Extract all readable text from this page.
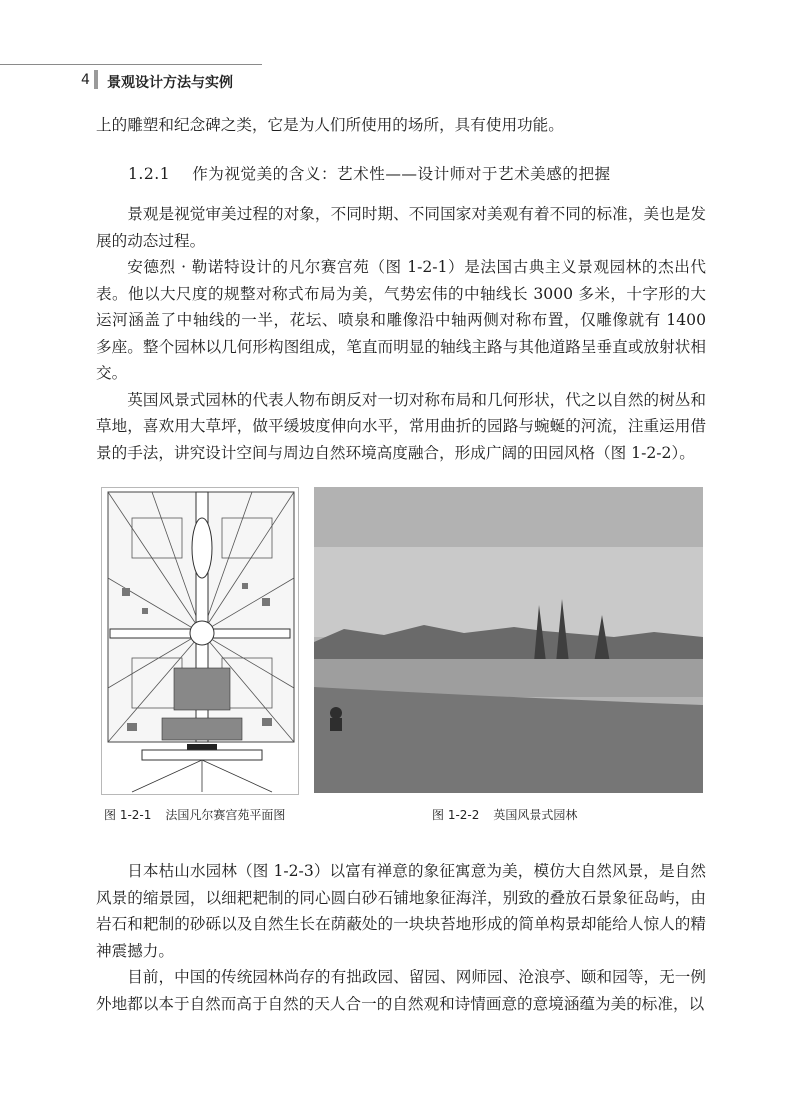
4 景观设计方法与实例

上的雕塑和纪念碑之类，它是为人们所使用的场所，具有使用功能。

1.2.1 作为视觉美的含义：艺术性——设计师对于艺术美感的把握

景观是视觉审美过程的对象，不同时期、不同国家对美观有着不同的标准，美也是发展的动态过程。

安德烈 · 勒诺特设计的凡尔赛宫苑（图 1-2-1）是法国古典主义景观园林的杰出代表。他以大尺度的规整对称式布局为美，气势宏伟的中轴线长 3000 多米，十字形的大运河涵盖了中轴线的一半，花坛、喷泉和雕像沿中轴两侧对称布置，仅雕像就有 1400 多座。整个园林以几何形构图组成，笔直而明显的轴线主路与其他道路呈垂直或放射状相交。

英国风景式园林的代表人物布朗反对一切对称布局和几何形状，代之以自然的树丛和草地，喜欢用大草坪，做平缓坡度伸向水平，常用曲折的园路与蜿蜒的河流，注重运用借景的手法，讲究设计空间与周边自然环境高度融合，形成广阔的田园风格（图 1-2-2）。

图 1-2-1 法国凡尔赛宫苑平面图	图 1-2-2 英国风景式园林

日本枯山水园林（图 1-2-3）以富有禅意的象征寓意为美，模仿大自然风景，是自然风景的缩景园，以细耙耙制的同心圆白砂石铺地象征海洋，别致的叠放石景象征岛屿，由岩石和耙制的砂砾以及自然生长在荫蔽处的一块块苔地形成的简单构景却能给人惊人的精神震撼力。

目前，中国的传统园林尚存的有拙政园、留园、网师园、沧浪亭、颐和园等，无一例外地都以本于自然而高于自然的天人合一的自然观和诗情画意的意境涵蕴为美的标准，以
